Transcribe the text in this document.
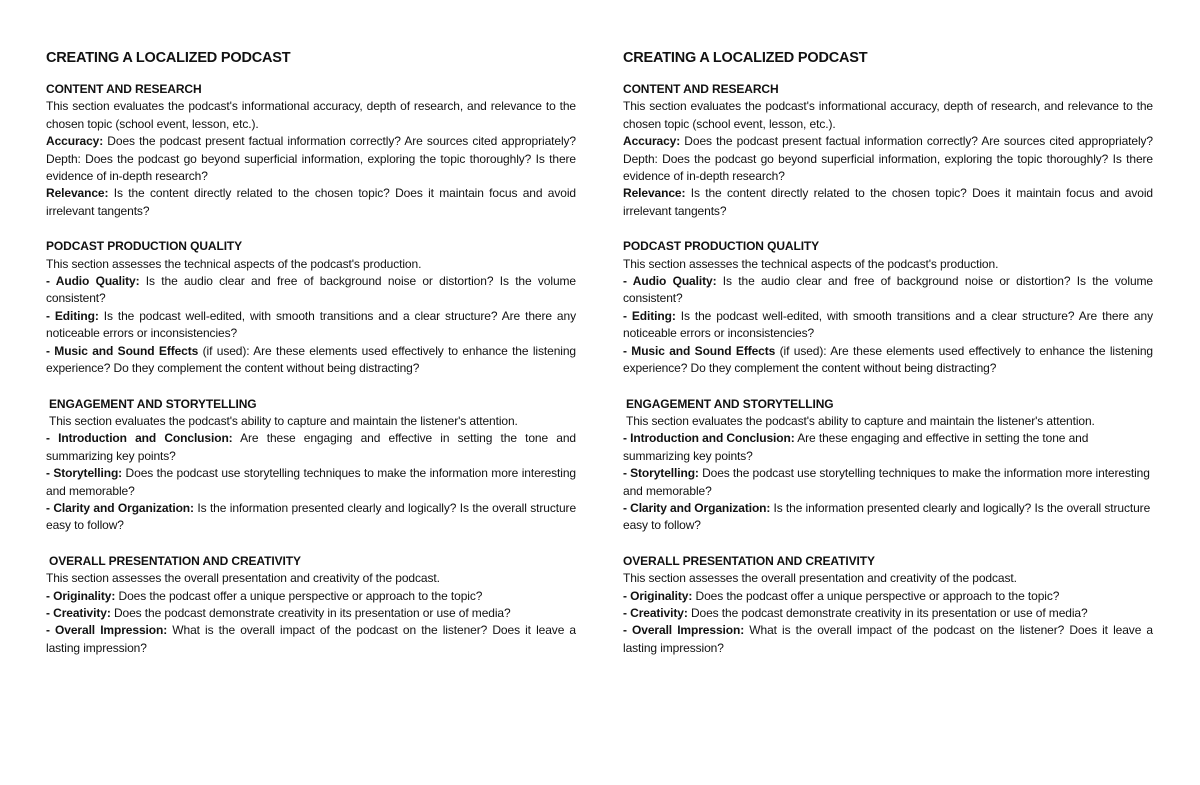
CREATING A LOCALIZED PODCAST
CONTENT AND RESEARCH

This section evaluates the podcast's informational accuracy, depth of research, and relevance to the chosen topic (school event, lesson, etc.).

Accuracy: Does the podcast present factual information correctly? Are sources cited appropriately? Depth: Does the podcast go beyond superficial information, exploring the topic thoroughly? Is there evidence of in-depth research?

Relevance: Is the content directly related to the chosen topic? Does it maintain focus and avoid irrelevant tangents?

PODCAST PRODUCTION QUALITY

This section assesses the technical aspects of the podcast's production.

- Audio Quality: Is the audio clear and free of background noise or distortion? Is the volume consistent?

- Editing: Is the podcast well-edited, with smooth transitions and a clear structure? Are there any noticeable errors or inconsistencies?

- Music and Sound Effects (if used): Are these elements used effectively to enhance the listening experience? Do they complement the content without being distracting?

ENGAGEMENT AND STORYTELLING

This section evaluates the podcast's ability to capture and maintain the listener's attention.

- Introduction and Conclusion: Are these engaging and effective in setting the tone and summarizing key points?

- Storytelling: Does the podcast use storytelling techniques to make the information more interesting and memorable?

- Clarity and Organization: Is the information presented clearly and logically? Is the overall structure easy to follow?

OVERALL PRESENTATION AND CREATIVITY

This section assesses the overall presentation and creativity of the podcast.

- Originality: Does the podcast offer a unique perspective or approach to the topic?

- Creativity: Does the podcast demonstrate creativity in its presentation or use of media?

- Overall Impression: What is the overall impact of the podcast on the listener? Does it leave a lasting impression?

CREATING A LOCALIZED PODCAST
CONTENT AND RESEARCH

This section evaluates the podcast's informational accuracy, depth of research, and relevance to the chosen topic (school event, lesson, etc.).

Accuracy: Does the podcast present factual information correctly? Are sources cited appropriately? Depth: Does the podcast go beyond superficial information, exploring the topic thoroughly? Is there evidence of in-depth research?

Relevance: Is the content directly related to the chosen topic? Does it maintain focus and avoid irrelevant tangents?

PODCAST PRODUCTION QUALITY

This section assesses the technical aspects of the podcast's production.

- Audio Quality: Is the audio clear and free of background noise or distortion? Is the volume consistent?

- Editing: Is the podcast well-edited, with smooth transitions and a clear structure? Are there any noticeable errors or inconsistencies?

- Music and Sound Effects (if used): Are these elements used effectively to enhance the listening experience? Do they complement the content without being distracting?

ENGAGEMENT AND STORYTELLING

This section evaluates the podcast's ability to capture and maintain the listener's attention.

- Introduction and Conclusion: Are these engaging and effective in setting the tone and summarizing key points?

- Storytelling: Does the podcast use storytelling techniques to make the information more interesting and memorable?

- Clarity and Organization: Is the information presented clearly and logically? Is the overall structure easy to follow?

OVERALL PRESENTATION AND CREATIVITY

This section assesses the overall presentation and creativity of the podcast.

- Originality: Does the podcast offer a unique perspective or approach to the topic?

- Creativity: Does the podcast demonstrate creativity in its presentation or use of media?

- Overall Impression: What is the overall impact of the podcast on the listener? Does it leave a lasting impression?
